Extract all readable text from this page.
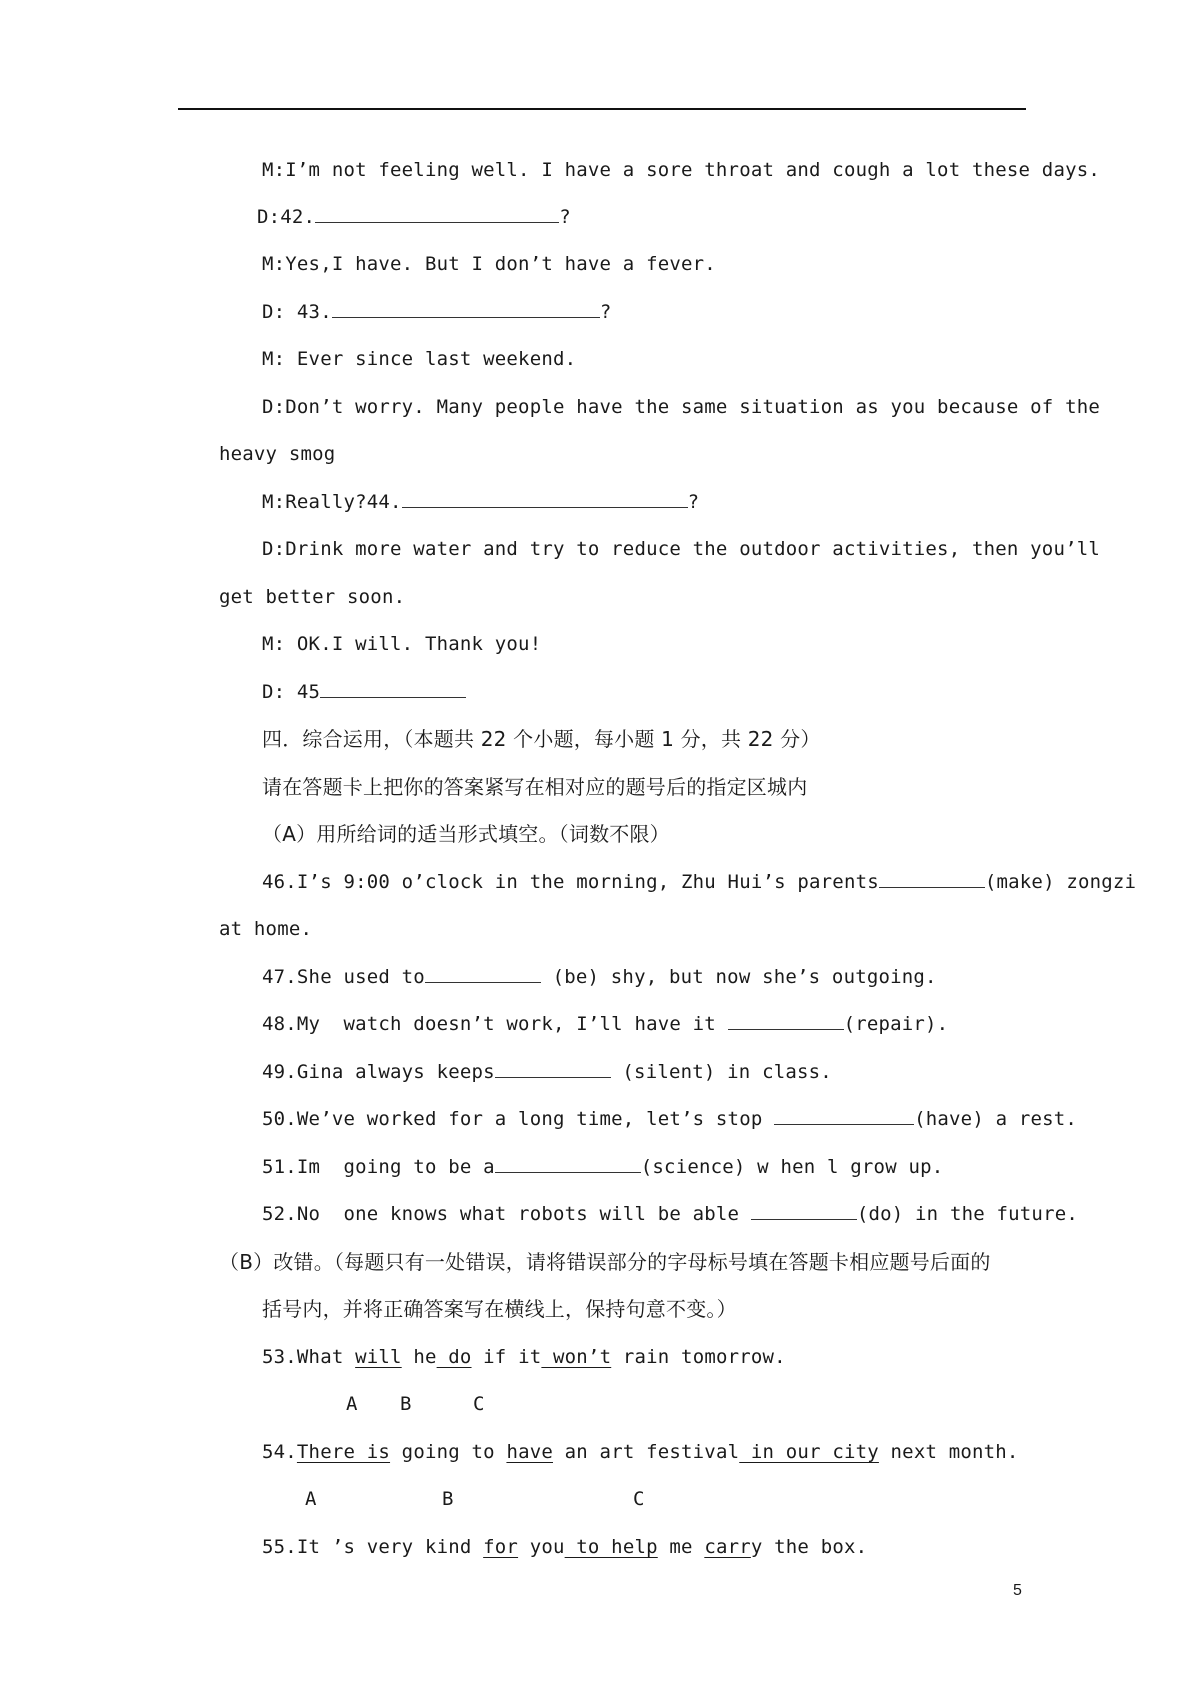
M:I’m not feeling well. I have a sore throat and cough a lot these days.
D:42.	?
M:Yes,I have. But I don’t have a fever.
D: 43.	?
M: Ever since last weekend.
D:Don’t worry. Many people have the same situation as you because of the
heavy smog
M:Really?44.	?
D:Drink more water and try to reduce the outdoor activities, then you’ll
get better soon.
M: OK.I will. Thank you!
D: 45
四．综合运用，（本题共 22 个小题，每小题 1 分，共 22 分）
请在答题卡上把你的答案紧写在相对应的题号后的指定区城内
（A）用所给词的适当形式填空。（词数不限）
46.I’s 9:00 o’clock in the morning, Zhu Hui’s parents	(make) zongzi
at home.
47.She used to	(be) shy, but now she’s outgoing.
48.My  watch doesn’t work, I’ll have it	(repair).
49.Gina always keeps	(silent) in class.
50.We’ve worked for a long time, let’s stop	(have) a rest.
51.Im  going to be a	(science) w hen l grow up.
52.No  one knows what robots will be able	(do) in the future.
（B）改错。（每题只有一处错误，请将错误部分的字母标号填在答题卡相应题号后面的
括号内，并将正确答案写在横线上，保持句意不变。）
53.What will he do if it won’t rain tomorrow.
A B	C
54.There is going to have an art festival in our city next month.
A	B	C
55.It ’s very kind for you to help me carry the box.
5
